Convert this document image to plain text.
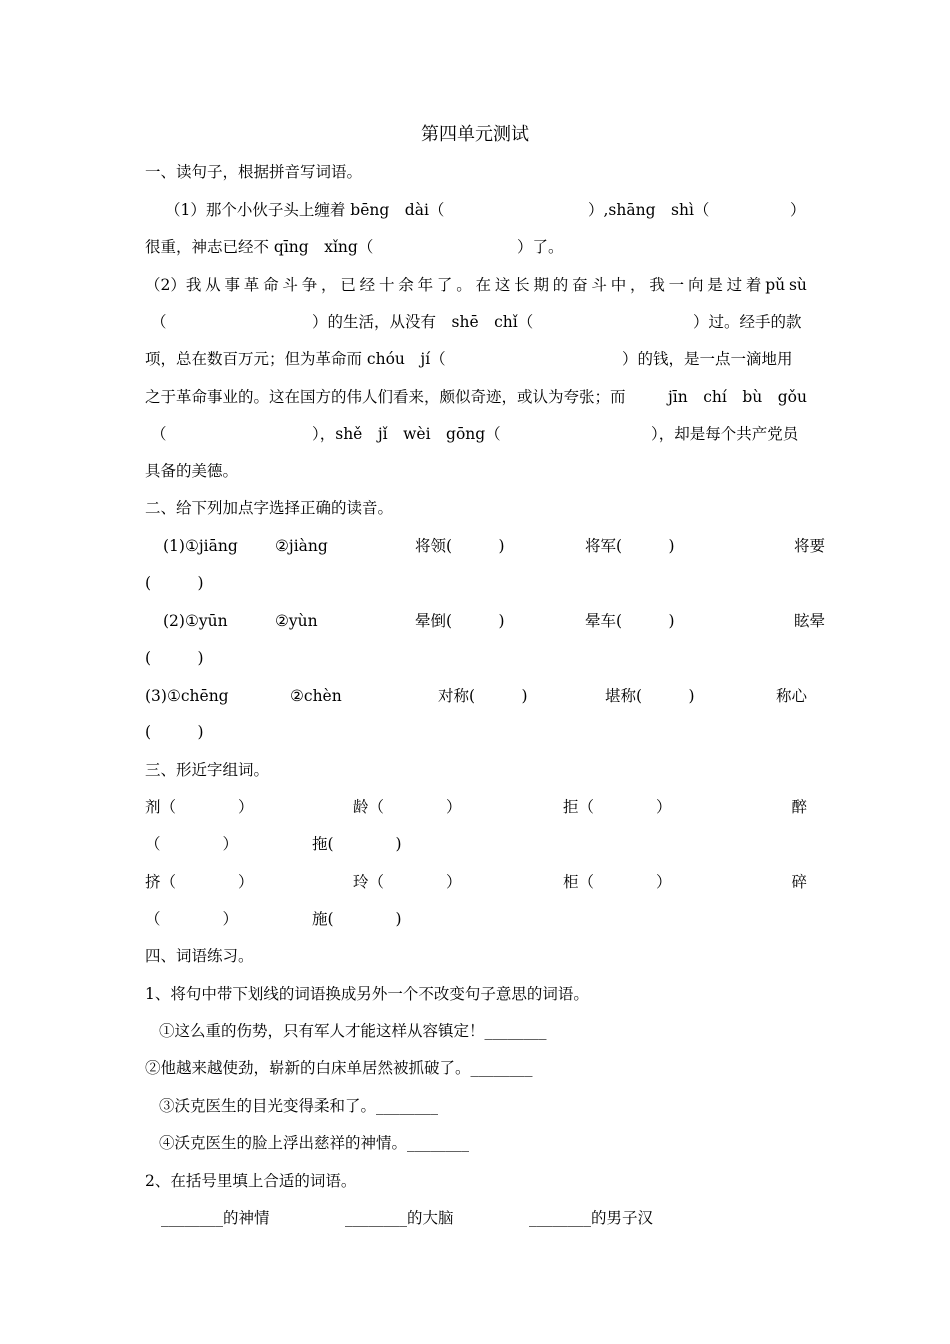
第四单元测试
一、读句子，根据拼音写词语。
（1）那个小伙子头上缠着 bēng　dài（	）,shāng　shì（	）
很重，神志已经不 qīng　xǐng（	）了。
（2）我 从 事 革 命 斗 争 ， 已 经 十 余 年 了 。 在 这 长 期 的 奋 斗 中 ， 我 一 向 是 过 着 pǔ sù
（	）的生活，从没有　shē　chǐ（	）过。经手的款
项，总在数百万元；但为革命而 chóu　jí（	）的钱，是一点一滴地用
之于革命事业的。这在国方的伟人们看来，颇似奇迹，或认为夸张；而	jīn　chí　bù　gǒu
（	），shě　jǐ　wèi　gōng（	），却是每个共产党员
具备的美德。
二、给下列加点字选择正确的读音。
(1)①jiāng	②jiàng	将领(　　　)	将军(　　　)	将要
(　　　)
(2)①yūn	②yùn	晕倒(　　　)	晕车(　　　)	眩晕
(　　　)
(3)①chēng	②chèn	对称(　　　)	堪称(　　　)	称心
(　　　)
三、形近字组词。
剂（　　　　）	龄（　　　　）	拒（　　　　）	醉
（　　　　）	拖(　　　　)
挤（　　　　）	玲（　　　　）	柜（　　　　）	碎
（　　　　）	施(　　　　)
四、词语练习。
1、将句中带下划线的词语换成另外一个不改变句子意思的词语。
①这么重的伤势，只有军人才能这样从容镇定！________
②他越来越使劲，崭新的白床单居然被抓破了。________
③沃克医生的目光变得柔和了。________
④沃克医生的脸上浮出慈祥的神情。________
2、在括号里填上合适的词语。
________的神情	________的大脑	________的男子汉
